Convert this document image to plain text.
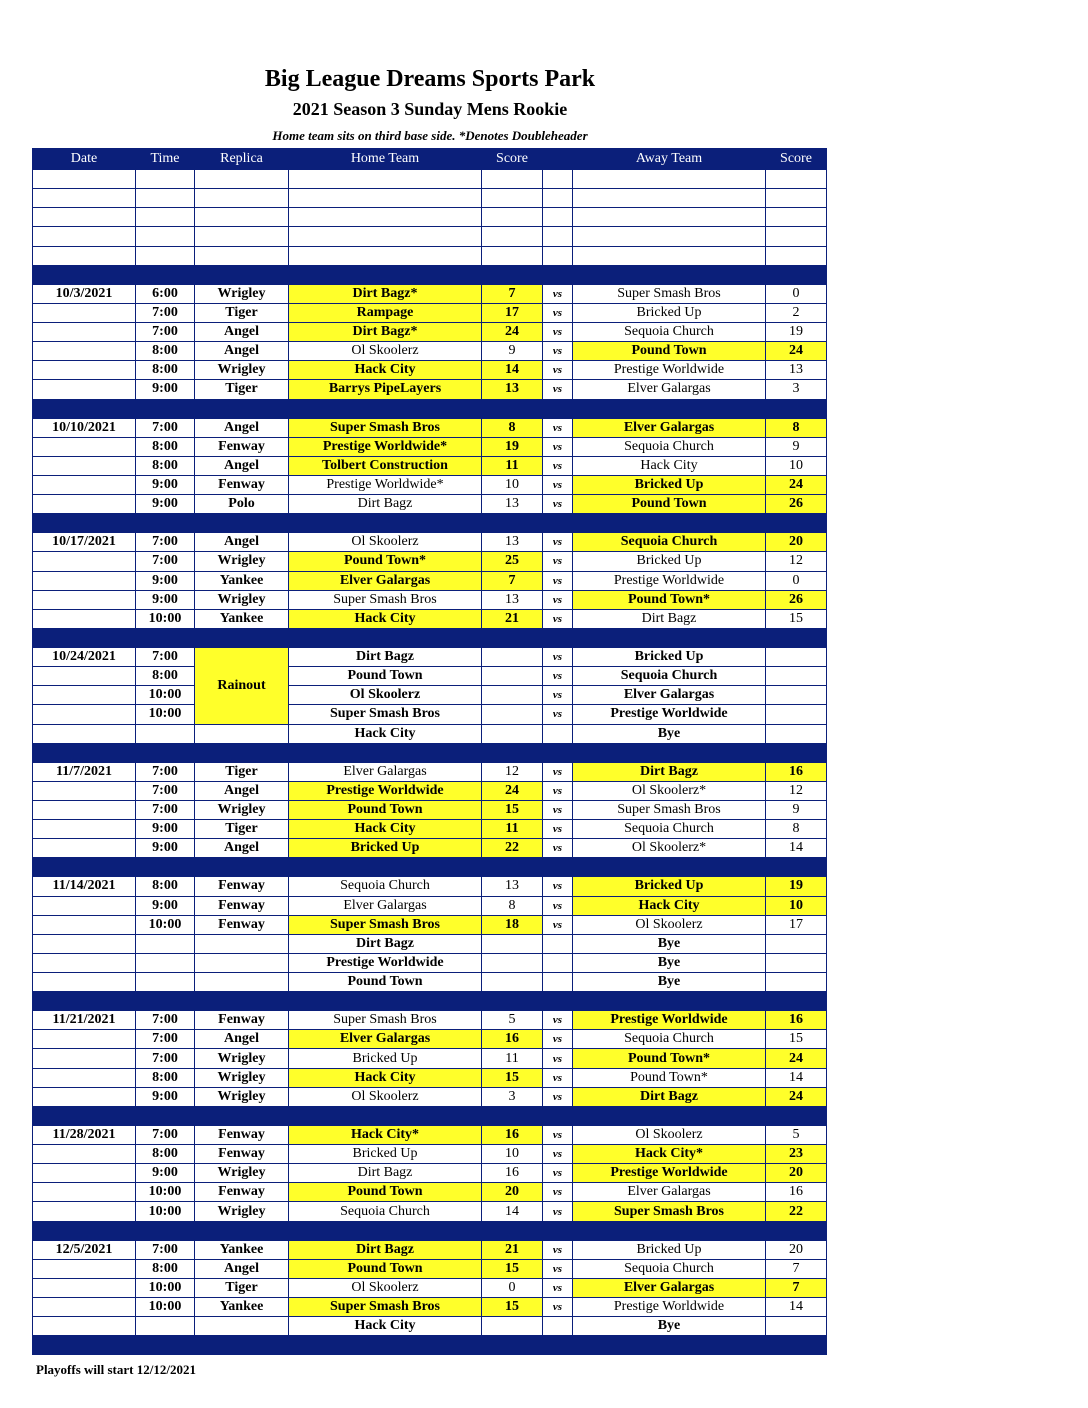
Big League Dreams Sports Park
2021 Season 3 Sunday Mens Rookie
Home team sits on third base side. *Denotes Doubleheader
Date	Time	Replica	Home Team	Score		Away Team	Score

10/3/2021	6:00	Wrigley	Dirt Bagz*	7	vs	Super Smash Bros	0
	7:00	Tiger	Rampage	17	vs	Bricked Up	2
	7:00	Angel	Dirt Bagz*	24	vs	Sequoia Church	19
	8:00	Angel	Ol Skoolerz	9	vs	Pound Town	24
	8:00	Wrigley	Hack City	14	vs	Prestige Worldwide	13
	9:00	Tiger	Barrys PipeLayers	13	vs	Elver Galargas	3

10/10/2021	7:00	Angel	Super Smash Bros	8	vs	Elver Galargas	8
	8:00	Fenway	Prestige Worldwide*	19	vs	Sequoia Church	9
	8:00	Angel	Tolbert Construction	11	vs	Hack City	10
	9:00	Fenway	Prestige Worldwide*	10	vs	Bricked Up	24
	9:00	Polo	Dirt Bagz	13	vs	Pound Town	26

10/17/2021	7:00	Angel	Ol Skoolerz	13	vs	Sequoia Church	20
	7:00	Wrigley	Pound Town*	25	vs	Bricked Up	12
	9:00	Yankee	Elver Galargas	7	vs	Prestige Worldwide	0
	9:00	Wrigley	Super Smash Bros	13	vs	Pound Town*	26
	10:00	Yankee	Hack City	21	vs	Dirt Bagz	15

10/24/2021	7:00	Rainout	Dirt Bagz		vs	Bricked Up	
	8:00		Pound Town		vs	Sequoia Church	
	10:00		Ol Skoolerz		vs	Elver Galargas	
	10:00		Super Smash Bros		vs	Prestige Worldwide	
			Hack City			Bye	

11/7/2021	7:00	Tiger	Elver Galargas	12	vs	Dirt Bagz	16
	7:00	Angel	Prestige Worldwide	24	vs	Ol Skoolerz*	12
	7:00	Wrigley	Pound Town	15	vs	Super Smash Bros	9
	9:00	Tiger	Hack City	11	vs	Sequoia Church	8
	9:00	Angel	Bricked Up	22	vs	Ol Skoolerz*	14

11/14/2021	8:00	Fenway	Sequoia Church	13	vs	Bricked Up	19
	9:00	Fenway	Elver Galargas	8	vs	Hack City	10
	10:00	Fenway	Super Smash Bros	18	vs	Ol Skoolerz	17
			Dirt Bagz			Bye	
			Prestige Worldwide			Bye	
			Pound Town			Bye	

11/21/2021	7:00	Fenway	Super Smash Bros	5	vs	Prestige Worldwide	16
	7:00	Angel	Elver Galargas	16	vs	Sequoia Church	15
	7:00	Wrigley	Bricked Up	11	vs	Pound Town*	24
	8:00	Wrigley	Hack City	15	vs	Pound Town*	14
	9:00	Wrigley	Ol Skoolerz	3	vs	Dirt Bagz	24

11/28/2021	7:00	Fenway	Hack City*	16	vs	Ol Skoolerz	5
	8:00	Fenway	Bricked Up	10	vs	Hack City*	23
	9:00	Wrigley	Dirt Bagz	16	vs	Prestige Worldwide	20
	10:00	Fenway	Pound Town	20	vs	Elver Galargas	16
	10:00	Wrigley	Sequoia Church	14	vs	Super Smash Bros	22

12/5/2021	7:00	Yankee	Dirt Bagz	21	vs	Bricked Up	20
	8:00	Angel	Pound Town	15	vs	Sequoia Church	7
	10:00	Tiger	Ol Skoolerz	0	vs	Elver Galargas	7
	10:00	Yankee	Super Smash Bros	15	vs	Prestige Worldwide	14
			Hack City			Bye	

Playoffs will start 12/12/2021
